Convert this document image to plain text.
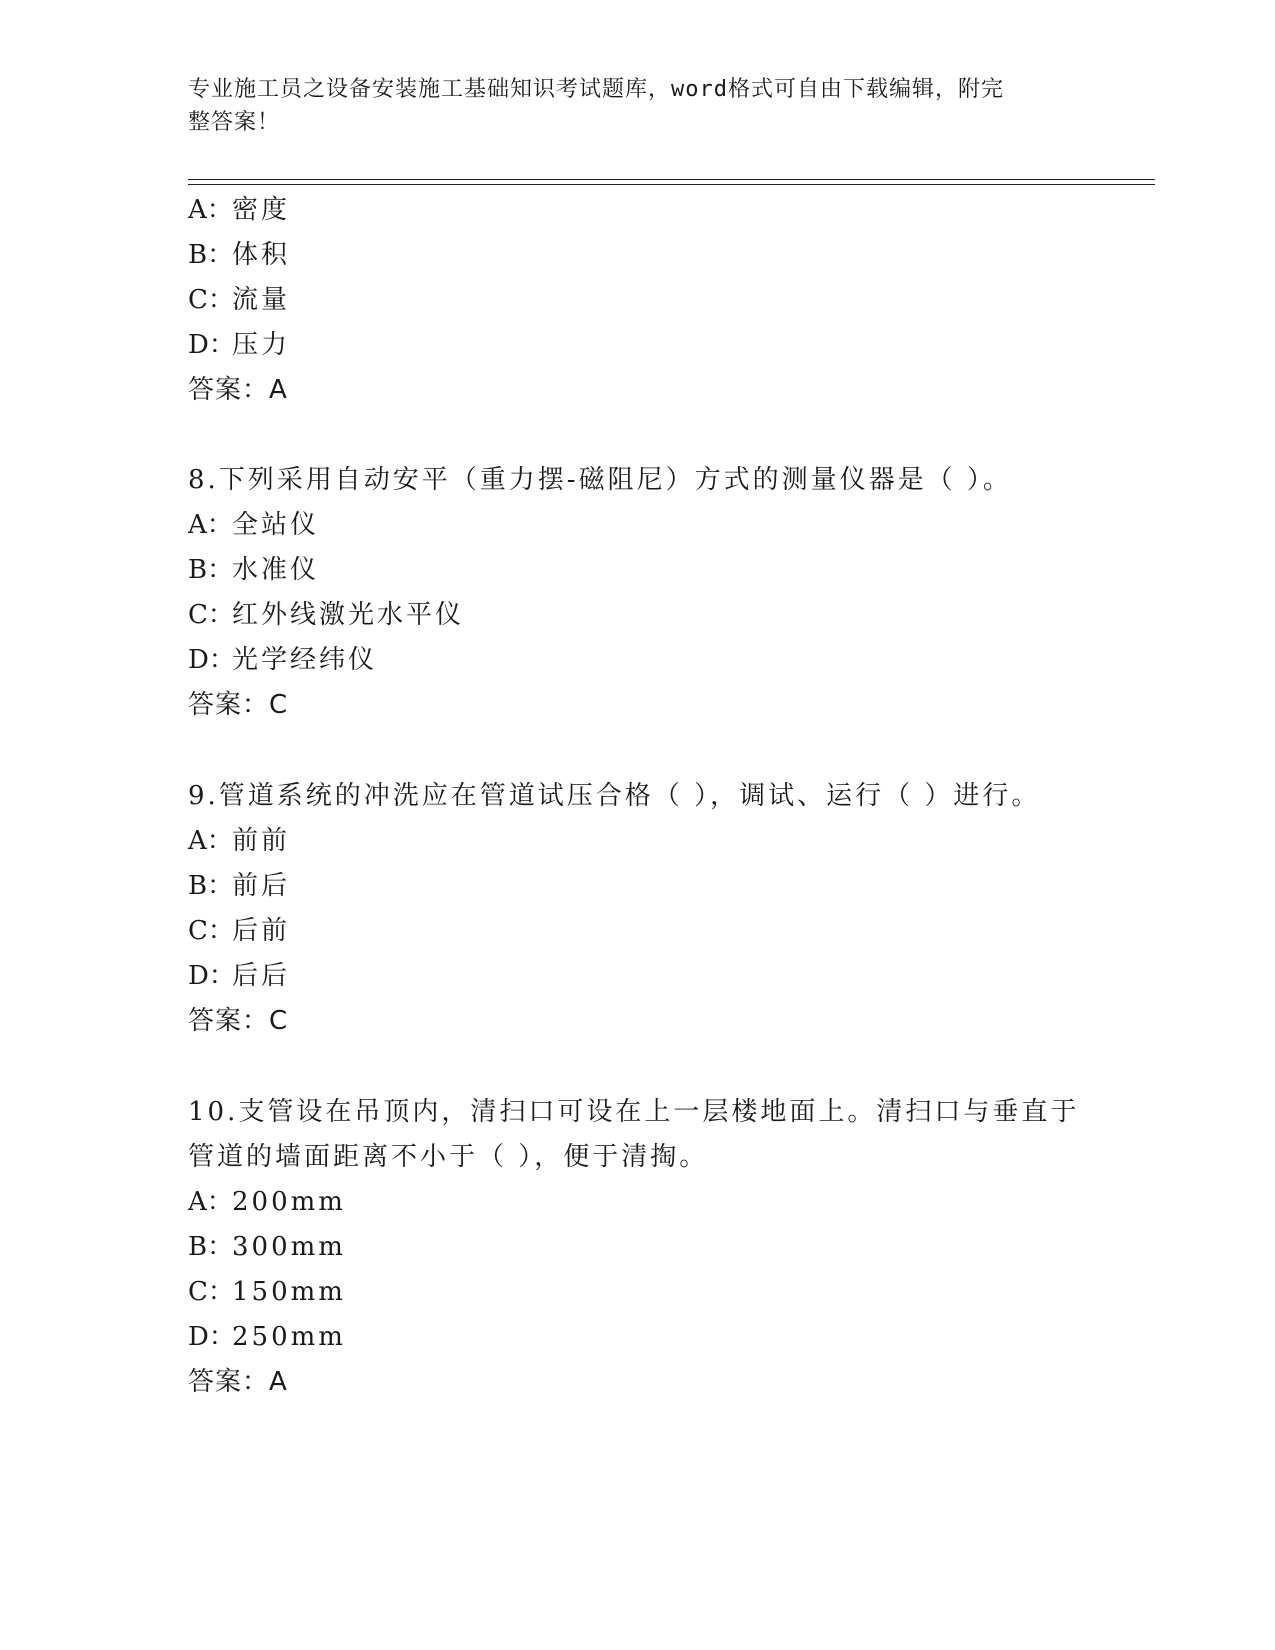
专业施工员之设备安装施工基础知识考试题库，word格式可自由下载编辑，附完
整答案！
A：密度
B：体积
C：流量
D：压力
答案：A
8.下列采用自动安平（重力摆-磁阻尼）方式的测量仪器是（ ）。
A：全站仪
B：水准仪
C：红外线激光水平仪
D：光学经纬仪
答案：C
9.管道系统的冲洗应在管道试压合格（ ），调试、运行（ ）进行。
A：前前
B：前后
C：后前
D：后后
答案：C
10.支管设在吊顶内，清扫口可设在上一层楼地面上。清扫口与垂直于
管道的墙面距离不小于（ ），便于清掏。
A：200mm
B：300mm
C：150mm
D：250mm
答案：A
